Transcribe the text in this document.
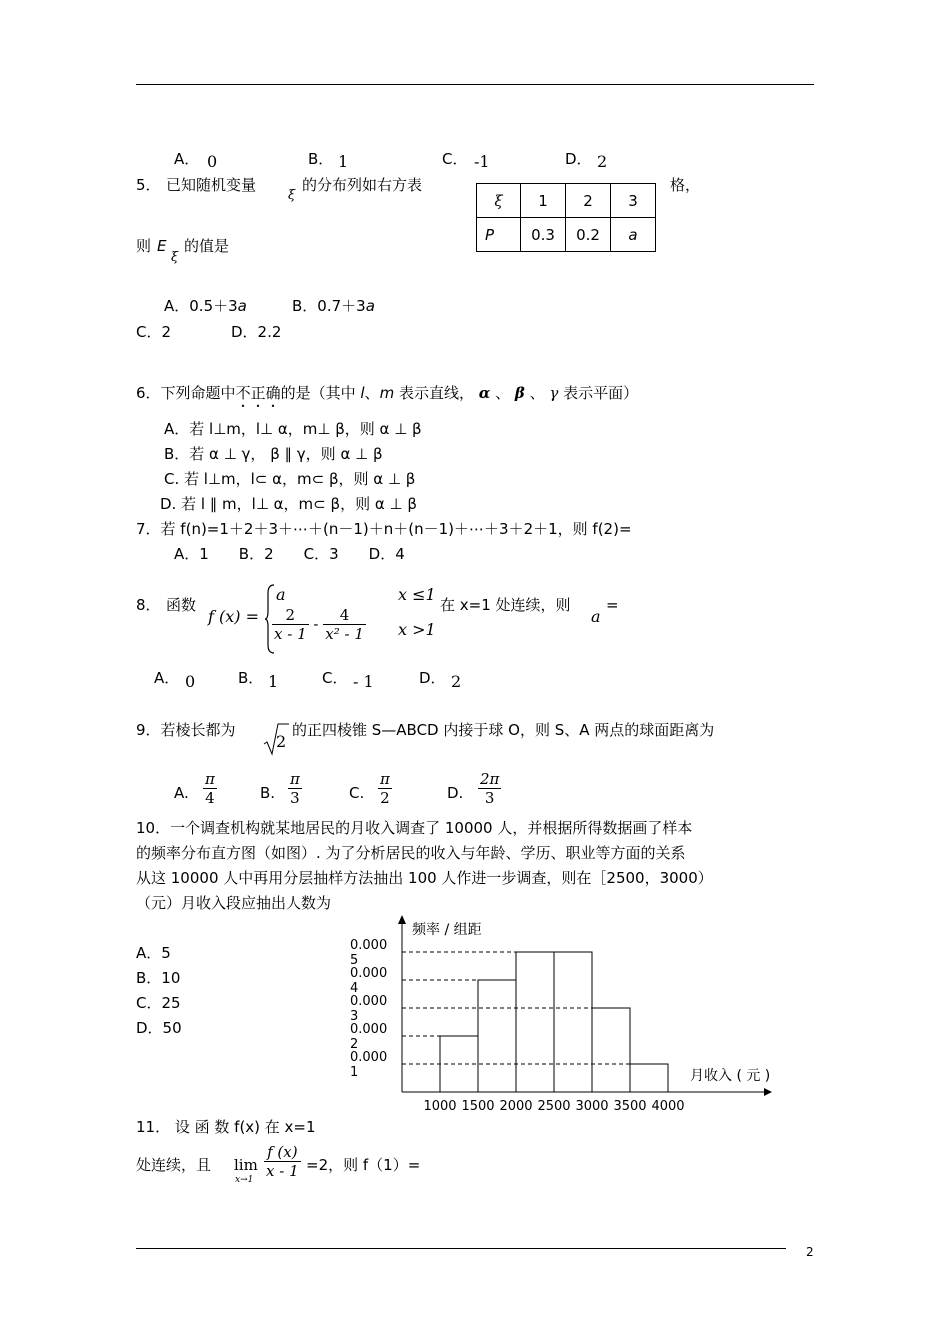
2
A． 0	B． 1	C． -1	D． 2
5． 已知随机变量
ξ
的分布列如右方表	格，
ξ	1	2	3
P	0.3	0.2	a
则 E
ξ
的值是
A．0.5＋3a	B．0.7＋3a
C．2	D．2.2
6．下列命题中不正确的是（其中 l、m 表示直线， α 、 β 、 γ 表示平面）
A．若 l⊥m，l⊥ α，m⊥ β，则 α ⊥ β
B．若 α ⊥ γ， β ∥ γ，则 α ⊥ β
C. 若 l⊥m，l⊂ α，m⊂ β，则 α ⊥ β
D. 若 l ∥ m，l⊥ α，m⊂ β，则 α ⊥ β
7．若 f(n)=1＋2＋3＋⋯＋(n－1)＋n＋(n－1)＋⋯＋3＋2＋1，则 f(2)=
A．1　　B．2　　C．3　　D．4
8． 函数
f (x) =
a	x ≤1
$\frac{2}{x - 1} - \frac{4}{\text{x² - 1}}$ x >1
在 x=1 处连续，则
a
=
A． 0	B． 1	C． - 1	D． 2
9．若棱长都为
2
的正四棱锥 S—ABCD 内接于球 O，则 S、A 两点的球面距离为
A. $\frac{\pi}{4}$	B. $\frac{\pi}{3}$	C. $\frac{\pi}{2}$	D. $\frac{2\pi}{3}$
10．一个调查机构就某地居民的月收入调查了 10000 人，并根据所得数据画了样本
的频率分布直方图（如图）. 为了分析居民的收入与年龄、学历、职业等方面的关系
从这 10000 人中再用分层抽样方法抽出 100 人作进一步调查，则在［2500，3000）
（元）月收入段应抽出人数为
A．5
B．10
C．25
D．50
频率 / 组距
月收入 ( 元 )
0.000 5
0.000 4
0.000 3
0.000 2
0.000 1
1000 1500 2000 2500 3000 3500 4000
11． 设 函 数 f(x) 在 x=1
处连续，且 lim
x→1
$\frac{f (x)}{x - 1} =2$，则 f（1）=
